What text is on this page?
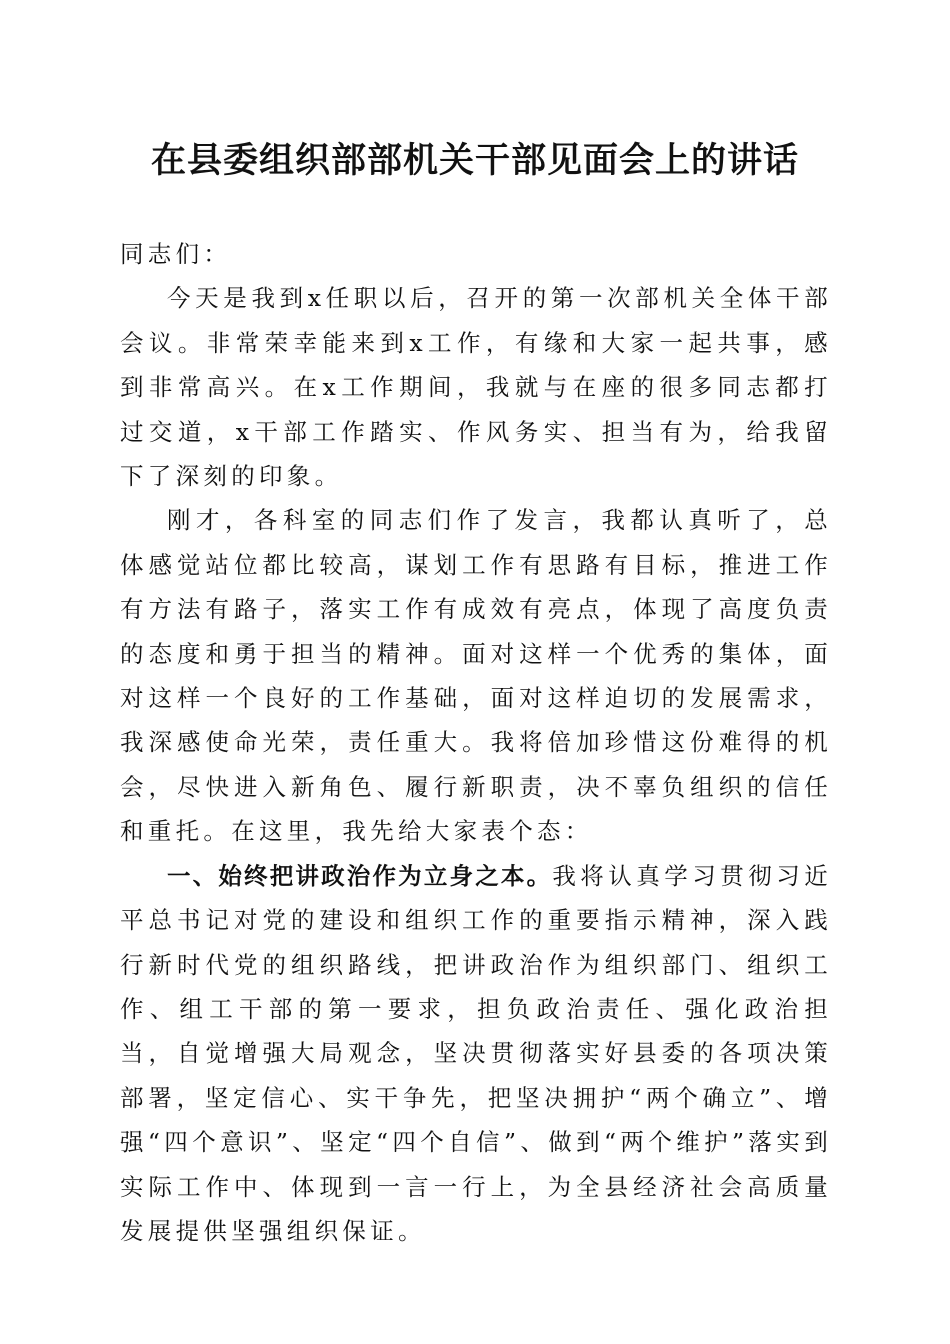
在县委组织部部机关干部见面会上的讲话

同志们：

今天是我到x任职以后，召开的第一次部机关全体干部会议。非常荣幸能来到x工作，有缘和大家一起共事，感到非常高兴。在x工作期间，我就与在座的很多同志都打过交道，x干部工作踏实、作风务实、担当有为，给我留下了深刻的印象。

刚才，各科室的同志们作了发言，我都认真听了，总体感觉站位都比较高，谋划工作有思路有目标，推进工作有方法有路子，落实工作有成效有亮点，体现了高度负责的态度和勇于担当的精神。面对这样一个优秀的集体，面对这样一个良好的工作基础，面对这样迫切的发展需求，我深感使命光荣，责任重大。我将倍加珍惜这份难得的机会，尽快进入新角色、履行新职责，决不辜负组织的信任和重托。在这里，我先给大家表个态：

一、始终把讲政治作为立身之本。我将认真学习贯彻习近平总书记对党的建设和组织工作的重要指示精神，深入践行新时代党的组织路线，把讲政治作为组织部门、组织工作、组工干部的第一要求，担负政治责任、强化政治担当，自觉增强大局观念，坚决贯彻落实好县委的各项决策部署，坚定信心、实干争先，把坚决拥护“两个确立”、增强“四个意识”、坚定“四个自信”、做到“两个维护”落实到实际工作中、体现到一言一行上，为全县经济社会高质量发展提供坚强组织保证。
